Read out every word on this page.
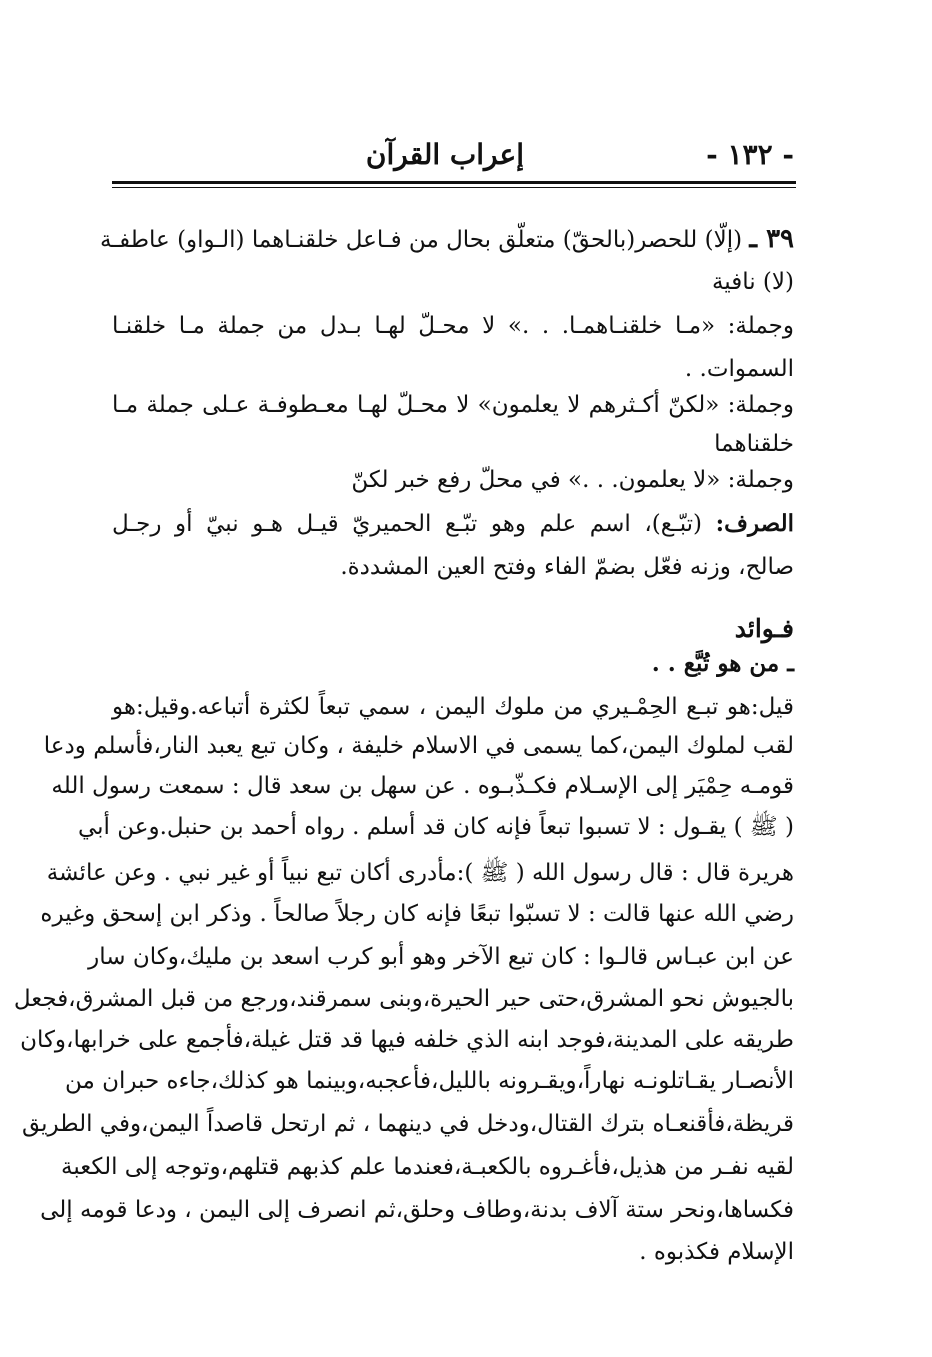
- ١٣٢ -
إعراب القرآن
٣٩ ـ (إلّا) للحصر(بالحقّ) متعلّق بحال من فـاعل خلقنـاهما (الـواو) عاطفـة
(لا) نافية
وجملة: «مـا خلقنـاهمـا. . .» لا محـلّ لهـا بـدل من جملة مـا خلقنـا
السموات. .
وجملة: «لكنّ أكـثرهم لا يعلمون» لا محـلّ لهـا معـطوفـة عـلى جملة مـا
خلقناهما
وجملة: «لا يعلمون. . .» في محلّ رفع خبر لكنّ
الصرف: (تبّـع)، اسم علم وهو تبّـع الحميريّ قيـل هـو نبيّ أو رجـل
صالح، وزنه فعّل بضمّ الفاء وفتح العين المشددة.
فـوائد
ـ من هو تُبَّع . .
قيل:هو تبـع الحِمْـيري من ملوك اليمن ، سمي تبعاً لكثرة أتباعه.وقيل:هو
لقب لملوك اليمن،كما يسمى في الاسلام خليفة ، وكان تبع يعبد النار،فأسلم ودعا
قومـه حِمْيَر إلى الإسـلام فكـذّبـوه . عن سهل بن سعد قال : سمعت رسول الله
( ﷺ ) يقـول : لا تسبوا تبعاً فإنه كان قد أسلم . رواه أحمد بن حنبل.وعن أبي
هريرة قال : قال رسول الله ( ﷺ ):مأدرى أكان تبع نبياً أو غير نبي . وعن عائشة
رضي الله عنها قالت : لا تسبّوا تبعًا فإنه كان رجلاً صالحاً . وذكر ابن إسحق وغيره
عن ابن عبـاس قالـوا : كان تبع الآخر وهو أبو كرب اسعد بن مليك،وكان سار
بالجيوش نحو المشرق،حتى حير الحيرة،وبنى سمرقند،ورجع من قبل المشرق،فجعل
طريقه على المدينة،فوجد ابنه الذي خلفه فيها قد قتل غيلة،فأجمع على خرابها،وكان
الأنصـار يقـاتلونـه نهاراً،ويقـرونه بالليل،فأعجبه،وبينما هو كذلك،جاءه حبران من
قريظة،فأقنعـاه بترك القتال،ودخل في دينهما ، ثم ارتحل قاصداً اليمن،وفي الطريق
لقيه نفـر من هذيل،فأغـروه بالكعبـة،فعندما علم كذبهم قتلهم،وتوجه إلى الكعبة
فكساها،ونحر ستة آلاف بدنة،وطاف وحلق،ثم انصرف إلى اليمن ، ودعا قومه إلى
الإسلام فكذبوه .
